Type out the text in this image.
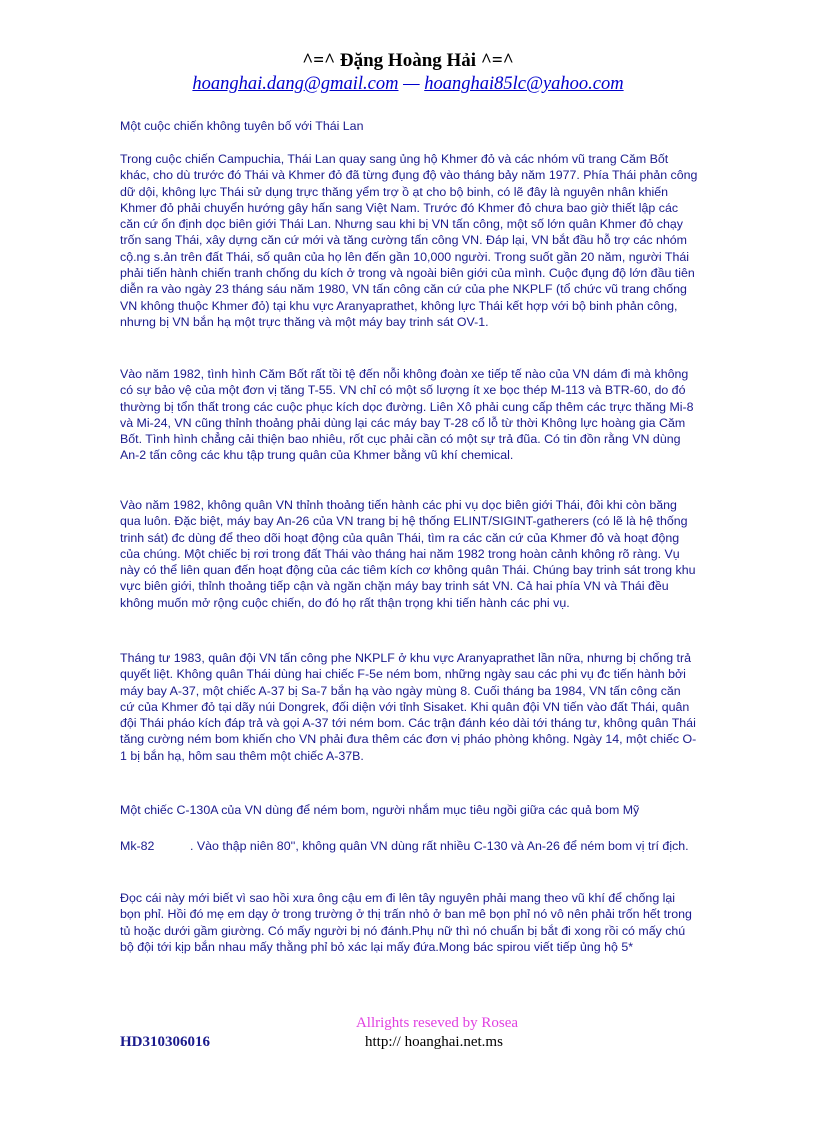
^=^ Đặng Hoàng Hải ^=^
hoanghai.dang@gmail.com — hoanghai85lc@yahoo.com
Một cuộc chiến không tuyên bố với Thái Lan

Trong cuộc chiến Campuchia, Thái Lan quay sang ủng hộ Khmer đỏ và các nhóm vũ trang Căm Bốt khác, cho dù trước đó Thái và Khmer đỏ đã từng đụng độ vào tháng bảy năm 1977. Phía Thái phản công dữ dội, không lực Thái sử dụng trực thăng yểm trợ ồ ạt cho bộ binh, có lẽ đây là nguyên nhân khiến Khmer đỏ phải chuyển hướng gây hấn sang Việt Nam. Trước đó Khmer đỏ chưa bao giờ thiết lập các căn cứ ổn định dọc biên giới Thái Lan. Nhưng sau khi bị VN tấn công, một số lớn quân Khmer đỏ chạy trốn sang Thái, xây dựng căn cứ mới và tăng cường tấn công VN. Đáp lại, VN bắt đầu hỗ trợ các nhóm cộ.ng s.ản trên đất Thái, số quân của họ lên đến gần 10,000 người. Trong suốt gần 20 năm, người Thái phải tiến hành chiến tranh chống du kích ở trong và ngoài biên giới của mình. Cuộc đụng độ lớn đầu tiên diễn ra vào ngày 23 tháng sáu năm 1980, VN tấn công căn cứ của phe NKPLF (tổ chức vũ trang chống VN không thuộc Khmer đỏ) tại khu vực Aranyaprathet, không lực Thái kết hợp với bộ binh phản công, nhưng bị VN bắn hạ một trực thăng và một máy bay trinh sát OV-1.

Vào năm 1982, tình hình Căm Bốt rất tồi tệ đến nỗi không đoàn xe tiếp tế nào của VN dám đi mà không có sự bảo vệ của một đơn vị tăng T-55. VN chỉ có một số lượng ít xe bọc thép M-113 và BTR-60, do đó thường bị tổn thất trong các cuộc phục kích dọc đường. Liên Xô phải cung cấp thêm các trực thăng Mi-8 và Mi-24, VN cũng thỉnh thoảng phải dùng lại các máy bay T-28 cổ lỗ từ thời Không lực hoàng gia Căm Bốt. Tình hình chẳng cải thiện bao nhiêu, rốt cục phải cần có một sự trả đũa. Có tin đồn rằng VN dùng An-2 tấn công các khu tập trung quân của Khmer bằng vũ khí chemical.

Vào năm 1982, không quân VN thỉnh thoảng tiến hành các phi vụ dọc biên giới Thái, đôi khi còn băng qua luôn. Đặc biệt, máy bay An-26 của VN trang bị hệ thống ELINT/SIGINT-gatherers (có lẽ là hệ thống trinh sát) đc dùng để theo dõi hoạt động của quân Thái, tìm ra các căn cứ của Khmer đỏ và hoạt động của chúng. Một chiếc bị rơi trong đất Thái vào tháng hai năm 1982 trong hoàn cảnh không rõ ràng. Vụ này có thể liên quan đến hoạt động của các tiêm kích cơ không quân Thái. Chúng bay trinh sát trong khu vực biên giới, thỉnh thoảng tiếp cận và ngăn chặn máy bay trinh sát VN. Cả hai phía VN và Thái đều không muốn mở rộng cuộc chiến, do đó họ rất thận trọng khi tiến hành các phi vụ.

Tháng tư 1983, quân đội VN tấn công phe NKPLF ở khu vực Aranyaprathet lần nữa, nhưng bị chống trả quyết liệt. Không quân Thái dùng hai chiếc F-5e ném bom, những ngày sau các phi vụ đc tiến hành bởi máy bay A-37, một chiếc A-37 bị Sa-7 bắn hạ vào ngày mùng 8. Cuối tháng ba 1984, VN tấn công căn cứ của Khmer đỏ tại dãy núi Dongrek, đối diện với tỉnh Sisaket. Khi quân đội VN tiến vào đất Thái, quân đội Thái pháo kích đáp trả và gọi A-37 tới ném bom. Các trận đánh kéo dài tới tháng tư, không quân Thái tăng cường ném bom khiến cho VN phải đưa thêm các đơn vị pháo phòng không. Ngày 14, một chiếc O-1 bị bắn hạ, hôm sau thêm một chiếc A-37B.

Một chiếc C-130A của VN dùng để ném bom, người nhắm mục tiêu ngồi giữa các quả bom Mỹ

Mk-82	. Vào thập niên 80'', không quân VN dùng rất nhiều C-130 và An-26 để ném bom vị trí địch.

Đọc cái này mới biết vì sao hồi xưa ông cậu em đi lên tây nguyên phải mang theo vũ khí để chống lại bọn phỉ. Hồi đó mẹ em dạy ở trong trường ở thị trấn nhỏ ở ban mê bọn phỉ nó vô nên phải trốn hết trong tủ hoặc dưới gầm giường. Có mấy người bị nó đánh.Phụ nữ thì nó chuẩn bị bắt đi xong rồi có mấy chú bộ đội tới kịp bắn nhau mấy thằng phỉ bỏ xác lại mấy đứa.Mong bác spirou viết tiếp ủng hộ 5*

Allrights reseved by Rosea
HD310306016	http:// hoanghai.net.ms
